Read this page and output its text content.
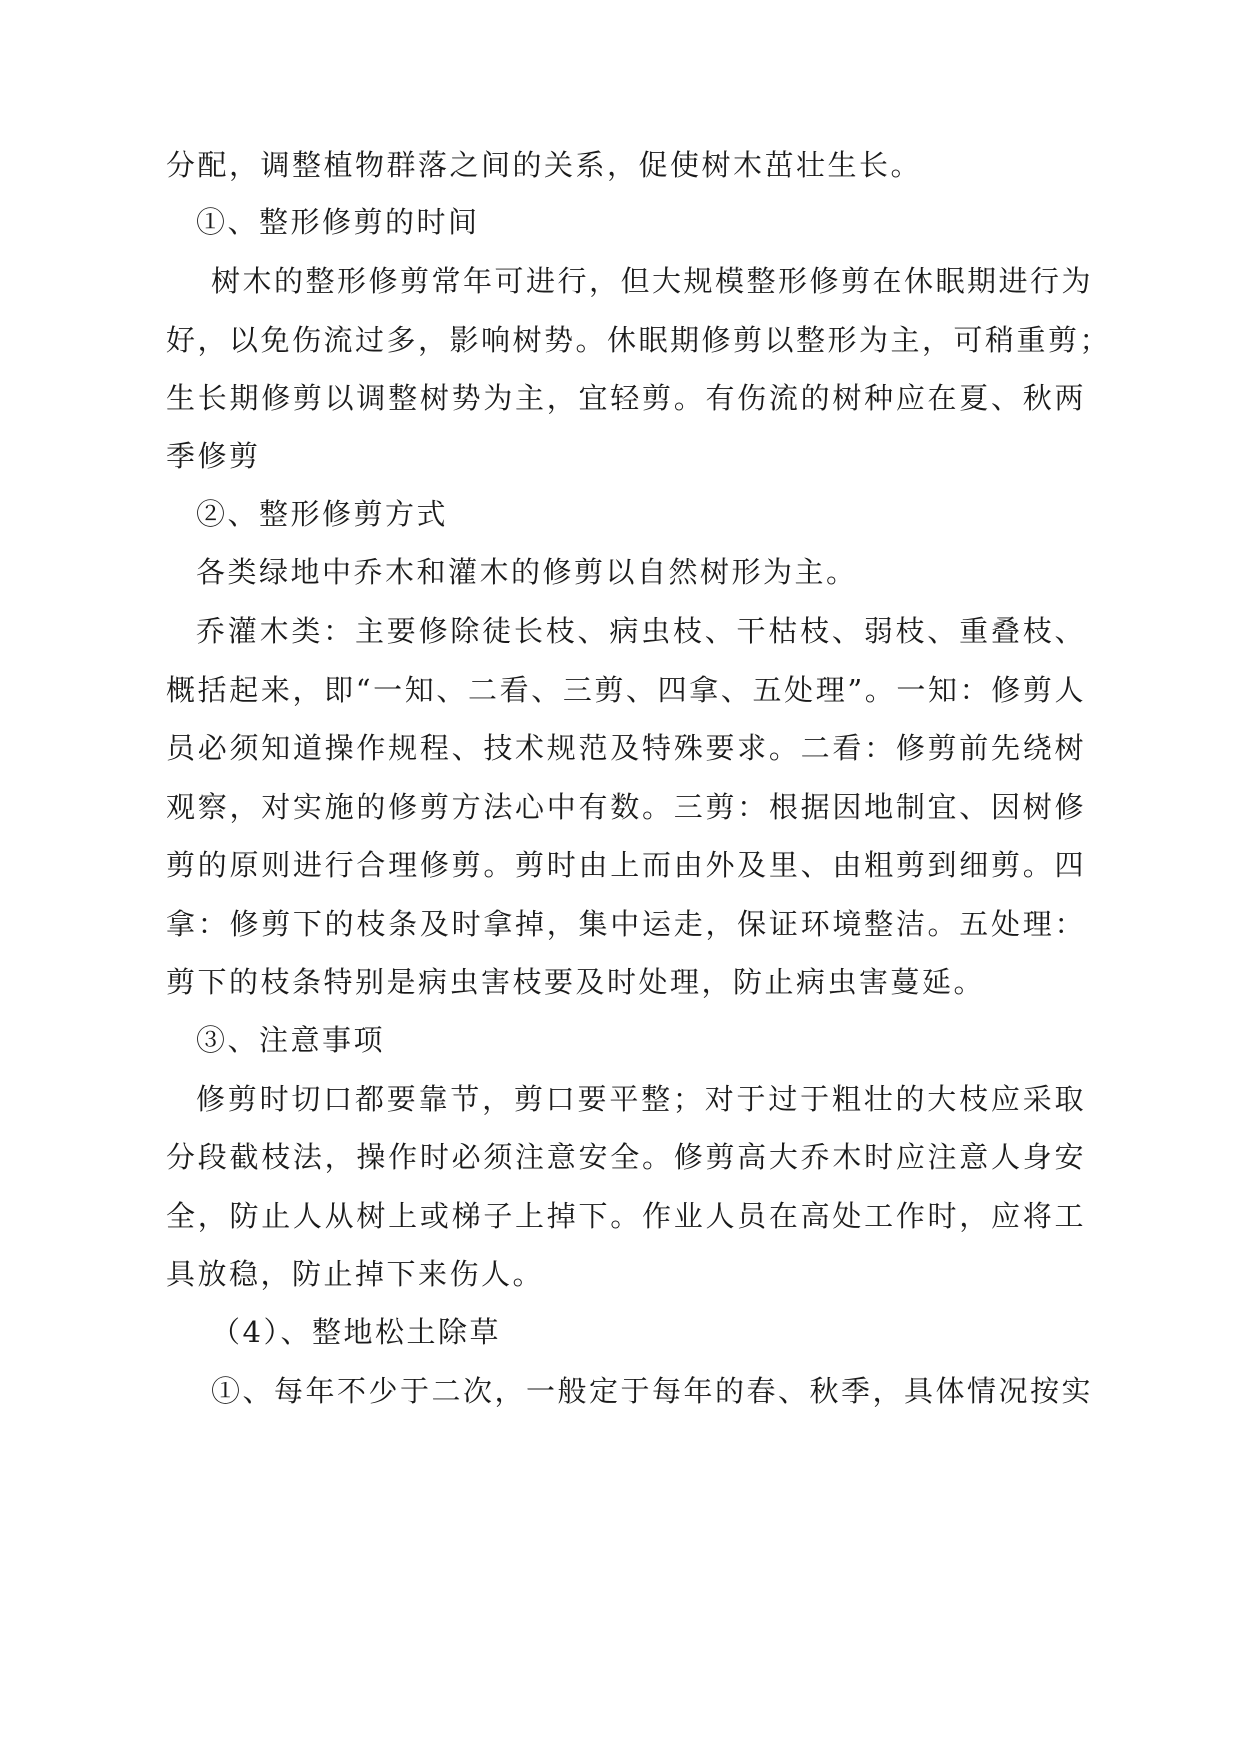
分配，调整植物群落之间的关系，促使树木茁壮生长。
①、整形修剪的时间
树木的整形修剪常年可进行，但大规模整形修剪在休眠期进行为
好，以免伤流过多，影响树势。休眠期修剪以整形为主，可稍重剪；
生长期修剪以调整树势为主，宜轻剪。有伤流的树种应在夏、秋两
季修剪
②、整形修剪方式
各类绿地中乔木和灌木的修剪以自然树形为主。
乔灌木类：主要修除徒长枝、病虫枝、干枯枝、弱枝、重叠枝、
概括起来，即“一知、二看、三剪、四拿、五处理”。一知：修剪人
员必须知道操作规程、技术规范及特殊要求。二看：修剪前先绕树
观察，对实施的修剪方法心中有数。三剪：根据因地制宜、因树修
剪的原则进行合理修剪。剪时由上而由外及里、由粗剪到细剪。四
拿：修剪下的枝条及时拿掉，集中运走，保证环境整洁。五处理：
剪下的枝条特别是病虫害枝要及时处理，防止病虫害蔓延。
③、注意事项
修剪时切口都要靠节，剪口要平整；对于过于粗壮的大枝应采取
分段截枝法，操作时必须注意安全。修剪高大乔木时应注意人身安
全，防止人从树上或梯子上掉下。作业人员在高处工作时，应将工
具放稳，防止掉下来伤人。
（4）、整地松土除草
①、每年不少于二次，一般定于每年的春、秋季，具体情况按实
